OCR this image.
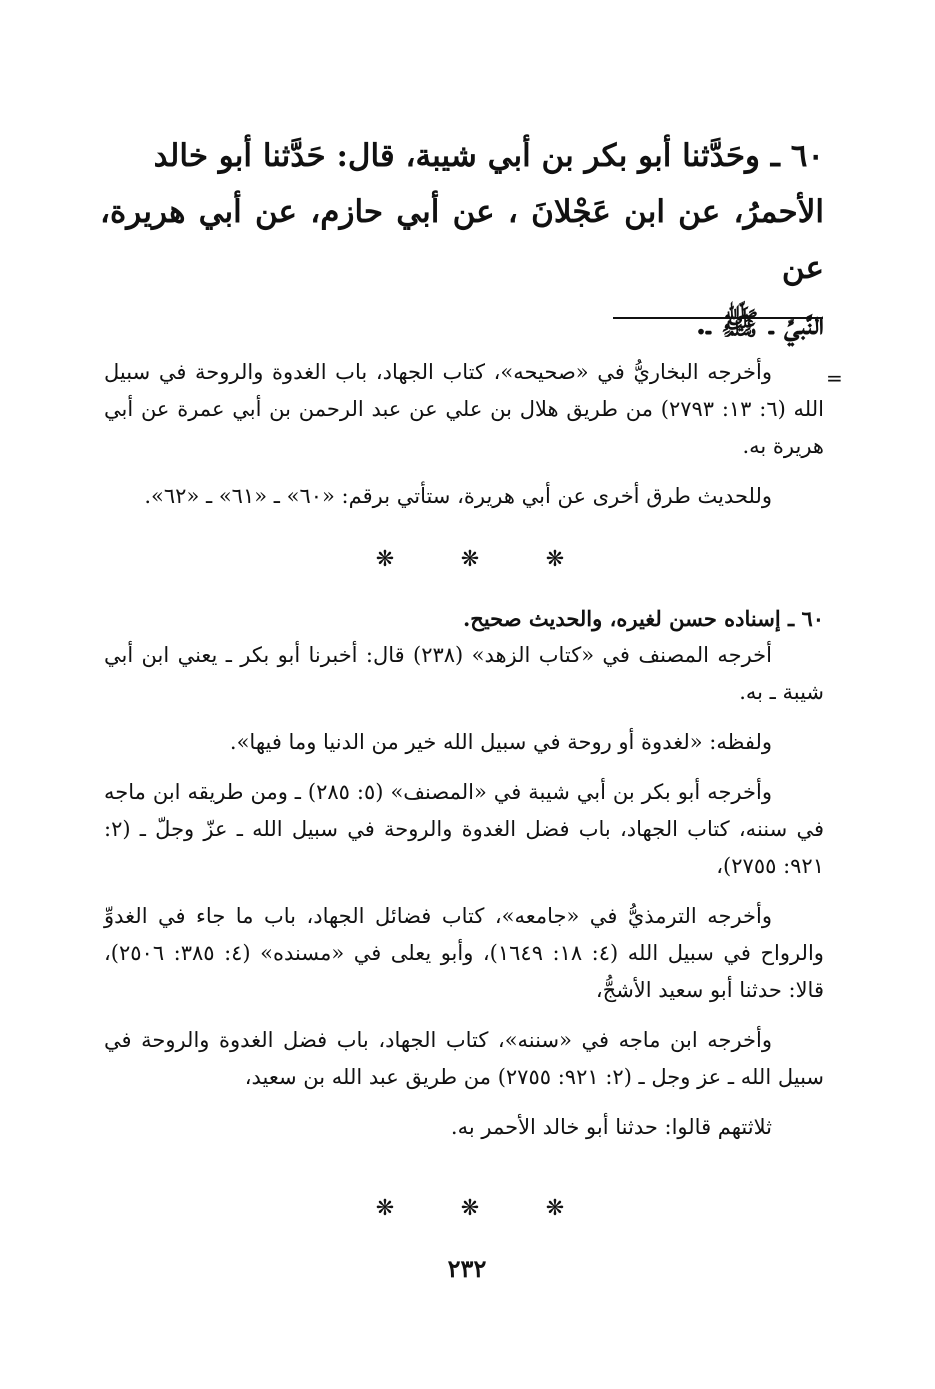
٦٠ ـ وحَدَّثنا أبو بكر بن أبي شيبة، قال: حَدَّثنا أبو خالد

الأحمرُ، عن ابن عَجْلانَ ، عن أبي حازم، عن أبي هريرة، عن

النَّبيِّ ـ ﷺ ـ.

=

وأخرجه البخاريُّ في «صحيحه»، كتاب الجهاد، باب الغدوة والروحة في سبيل الله (٦: ١٣: ٢٧٩٣) من طريق هلال بن علي عن عبد الرحمن بن أبي عمرة عن أبي هريرة به.

وللحديث طرق أخرى عن أبي هريرة، ستأتي برقم: «٦٠» ـ «٦١» ـ «٦٢».

❋	❋	❋

٦٠ ـ إسناده حسن لغيره، والحديث صحيح.

أخرجه المصنف في «كتاب الزهد» (٢٣٨) قال: أخبرنا أبو بكر ـ يعني ابن أبي شيبة ـ به.

ولفظه: «لغدوة أو روحة في سبيل الله خير من الدنيا وما فيها».

وأخرجه أبو بكر بن أبي شيبة في «المصنف» (٥: ٢٨٥) ـ ومن طريقه ابن ماجه في سننه، كتاب الجهاد، باب فضل الغدوة والروحة في سبيل الله ـ عزّ وجلّ ـ (٢: ٩٢١: ٢٧٥٥)،

وأخرجه الترمذيُّ في «جامعه»، كتاب فضائل الجهاد، باب ما جاء في الغدوِّ والرواح في سبيل الله (٤: ١٨: ١٦٤٩)، وأبو يعلى في «مسنده» (٤: ٣٨٥: ٢٥٠٦)، قالا: حدثنا أبو سعيد الأشجُّ،

وأخرجه ابن ماجه في «سننه»، كتاب الجهاد، باب فضل الغدوة والروحة في سبيل الله ـ عز وجل ـ (٢: ٩٢١: ٢٧٥٥) من طريق عبد الله بن سعيد،

ثلاثتهم قالوا: حدثنا أبو خالد الأحمر به.

❋	❋	❋
٢٣٢
